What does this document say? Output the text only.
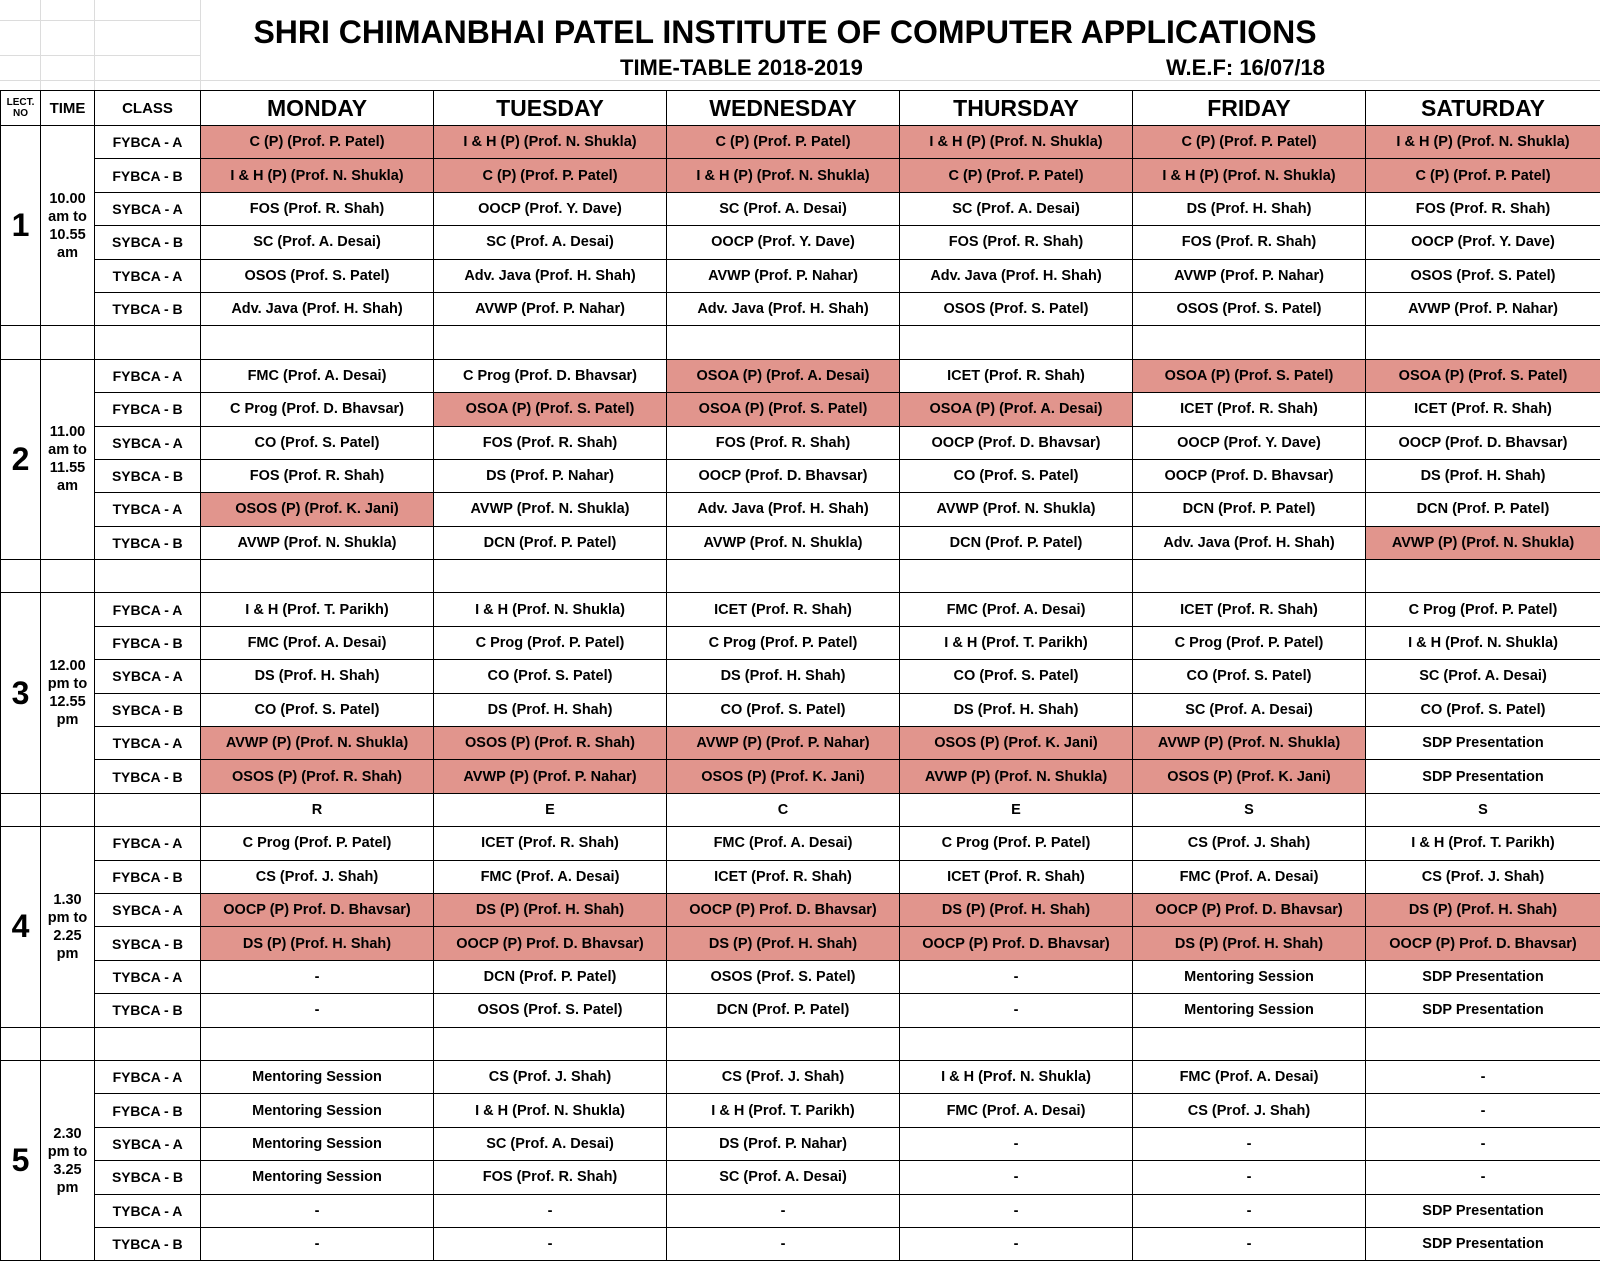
SHRI CHIMANBHAI PATEL INSTITUTE OF COMPUTER APPLICATIONS
TIME-TABLE 2018-2019	W.E.F: 16/07/18
LECT. NO	TIME	CLASS	MONDAY	TUESDAY	WEDNESDAY	THURSDAY	FRIDAY	SATURDAY
1	10.00 am to 10.55 am	FYBCA - A	C (P) (Prof. P. Patel)	I & H (P) (Prof. N. Shukla)	C (P) (Prof. P. Patel)	I & H (P) (Prof. N. Shukla)	C (P) (Prof. P. Patel)	I & H (P) (Prof. N. Shukla)
		FYBCA - B	I & H (P) (Prof. N. Shukla)	C (P) (Prof. P. Patel)	I & H (P) (Prof. N. Shukla)	C (P) (Prof. P. Patel)	I & H (P) (Prof. N. Shukla)	C (P) (Prof. P. Patel)
		SYBCA - A	FOS (Prof. R. Shah)	OOCP (Prof. Y. Dave)	SC (Prof. A. Desai)	SC (Prof. A. Desai)	DS (Prof. H. Shah)	FOS (Prof. R. Shah)
		SYBCA - B	SC (Prof. A. Desai)	SC (Prof. A. Desai)	OOCP (Prof. Y. Dave)	FOS (Prof. R. Shah)	FOS (Prof. R. Shah)	OOCP (Prof. Y. Dave)
		TYBCA - A	OSOS (Prof. S. Patel)	Adv. Java (Prof. H. Shah)	AVWP (Prof. P. Nahar)	Adv. Java (Prof. H. Shah)	AVWP (Prof. P. Nahar)	OSOS (Prof. S. Patel)
		TYBCA - B	Adv. Java (Prof. H. Shah)	AVWP (Prof. P. Nahar)	Adv. Java (Prof. H. Shah)	OSOS (Prof. S. Patel)	OSOS (Prof. S. Patel)	AVWP (Prof. P. Nahar)

2	11.00 am to 11.55 am	FYBCA - A	FMC (Prof. A. Desai)	C Prog (Prof. D. Bhavsar)	OSOA (P) (Prof. A. Desai)	ICET (Prof. R. Shah)	OSOA (P) (Prof. S. Patel)	OSOA (P) (Prof. S. Patel)
		FYBCA - B	C Prog (Prof. D. Bhavsar)	OSOA (P) (Prof. S. Patel)	OSOA (P) (Prof. S. Patel)	OSOA (P) (Prof. A. Desai)	ICET (Prof. R. Shah)	ICET (Prof. R. Shah)
		SYBCA - A	CO (Prof. S. Patel)	FOS (Prof. R. Shah)	FOS (Prof. R. Shah)	OOCP (Prof. D. Bhavsar)	OOCP (Prof. Y. Dave)	OOCP (Prof. D. Bhavsar)
		SYBCA - B	FOS (Prof. R. Shah)	DS (Prof. P. Nahar)	OOCP (Prof. D. Bhavsar)	CO (Prof. S. Patel)	OOCP (Prof. D. Bhavsar)	DS (Prof. H. Shah)
		TYBCA - A	OSOS (P) (Prof. K. Jani)	AVWP (Prof. N. Shukla)	Adv. Java (Prof. H. Shah)	AVWP (Prof. N. Shukla)	DCN (Prof. P. Patel)	DCN (Prof. P. Patel)
		TYBCA - B	AVWP (Prof. N. Shukla)	DCN (Prof. P. Patel)	AVWP (Prof. N. Shukla)	DCN (Prof. P. Patel)	Adv. Java (Prof. H. Shah)	AVWP (P) (Prof. N. Shukla)

3	12.00 pm to 12.55 pm	FYBCA - A	I & H (Prof. T. Parikh)	I & H (Prof. N. Shukla)	ICET (Prof. R. Shah)	FMC (Prof. A. Desai)	ICET (Prof. R. Shah)	C Prog (Prof. P. Patel)
		FYBCA - B	FMC (Prof. A. Desai)	C Prog (Prof. P. Patel)	C Prog (Prof. P. Patel)	I & H (Prof. T. Parikh)	C Prog (Prof. P. Patel)	I & H (Prof. N. Shukla)
		SYBCA - A	DS (Prof. H. Shah)	CO (Prof. S. Patel)	DS (Prof. H. Shah)	CO (Prof. S. Patel)	CO (Prof. S. Patel)	SC (Prof. A. Desai)
		SYBCA - B	CO (Prof. S. Patel)	DS (Prof. H. Shah)	CO (Prof. S. Patel)	DS (Prof. H. Shah)	SC (Prof. A. Desai)	CO (Prof. S. Patel)
		TYBCA - A	AVWP (P) (Prof. N. Shukla)	OSOS (P) (Prof. R. Shah)	AVWP (P) (Prof. P. Nahar)	OSOS (P) (Prof. K. Jani)	AVWP (P) (Prof. N. Shukla)	SDP Presentation
		TYBCA - B	OSOS (P) (Prof. R. Shah)	AVWP (P) (Prof. P. Nahar)	OSOS (P) (Prof. K. Jani)	AVWP (P) (Prof. N. Shukla)	OSOS (P) (Prof. K. Jani)	SDP Presentation
			R	E	C	E	S	S
4	1.30 pm to 2.25 pm	FYBCA - A	C Prog (Prof. P. Patel)	ICET (Prof. R. Shah)	FMC (Prof. A. Desai)	C Prog (Prof. P. Patel)	CS (Prof. J. Shah)	I & H (Prof. T. Parikh)
		FYBCA - B	CS (Prof. J. Shah)	FMC (Prof. A. Desai)	ICET (Prof. R. Shah)	ICET (Prof. R. Shah)	FMC (Prof. A. Desai)	CS (Prof. J. Shah)
		SYBCA - A	OOCP (P) Prof. D. Bhavsar)	DS (P) (Prof. H. Shah)	OOCP (P) Prof. D. Bhavsar)	DS (P) (Prof. H. Shah)	OOCP (P) Prof. D. Bhavsar)	DS (P) (Prof. H. Shah)
		SYBCA - B	DS (P) (Prof. H. Shah)	OOCP (P) Prof. D. Bhavsar)	DS (P) (Prof. H. Shah)	OOCP (P) Prof. D. Bhavsar)	DS (P) (Prof. H. Shah)	OOCP (P) Prof. D. Bhavsar)
		TYBCA - A	-	DCN (Prof. P. Patel)	OSOS (Prof. S. Patel)	-	Mentoring Session	SDP Presentation
		TYBCA - B	-	OSOS (Prof. S. Patel)	DCN (Prof. P. Patel)	-	Mentoring Session	SDP Presentation

5	2.30 pm to 3.25 pm	FYBCA - A	Mentoring Session	CS (Prof. J. Shah)	CS (Prof. J. Shah)	I & H (Prof. N. Shukla)	FMC (Prof. A. Desai)	-
		FYBCA - B	Mentoring Session	I & H (Prof. N. Shukla)	I & H (Prof. T. Parikh)	FMC (Prof. A. Desai)	CS (Prof. J. Shah)	-
		SYBCA - A	Mentoring Session	SC (Prof. A. Desai)	DS (Prof. P. Nahar)	-	-	-
		SYBCA - B	Mentoring Session	FOS (Prof. R. Shah)	SC (Prof. A. Desai)	-	-	-
		TYBCA - A	-	-	-	-	-	SDP Presentation
		TYBCA - B	-	-	-	-	-	SDP Presentation
